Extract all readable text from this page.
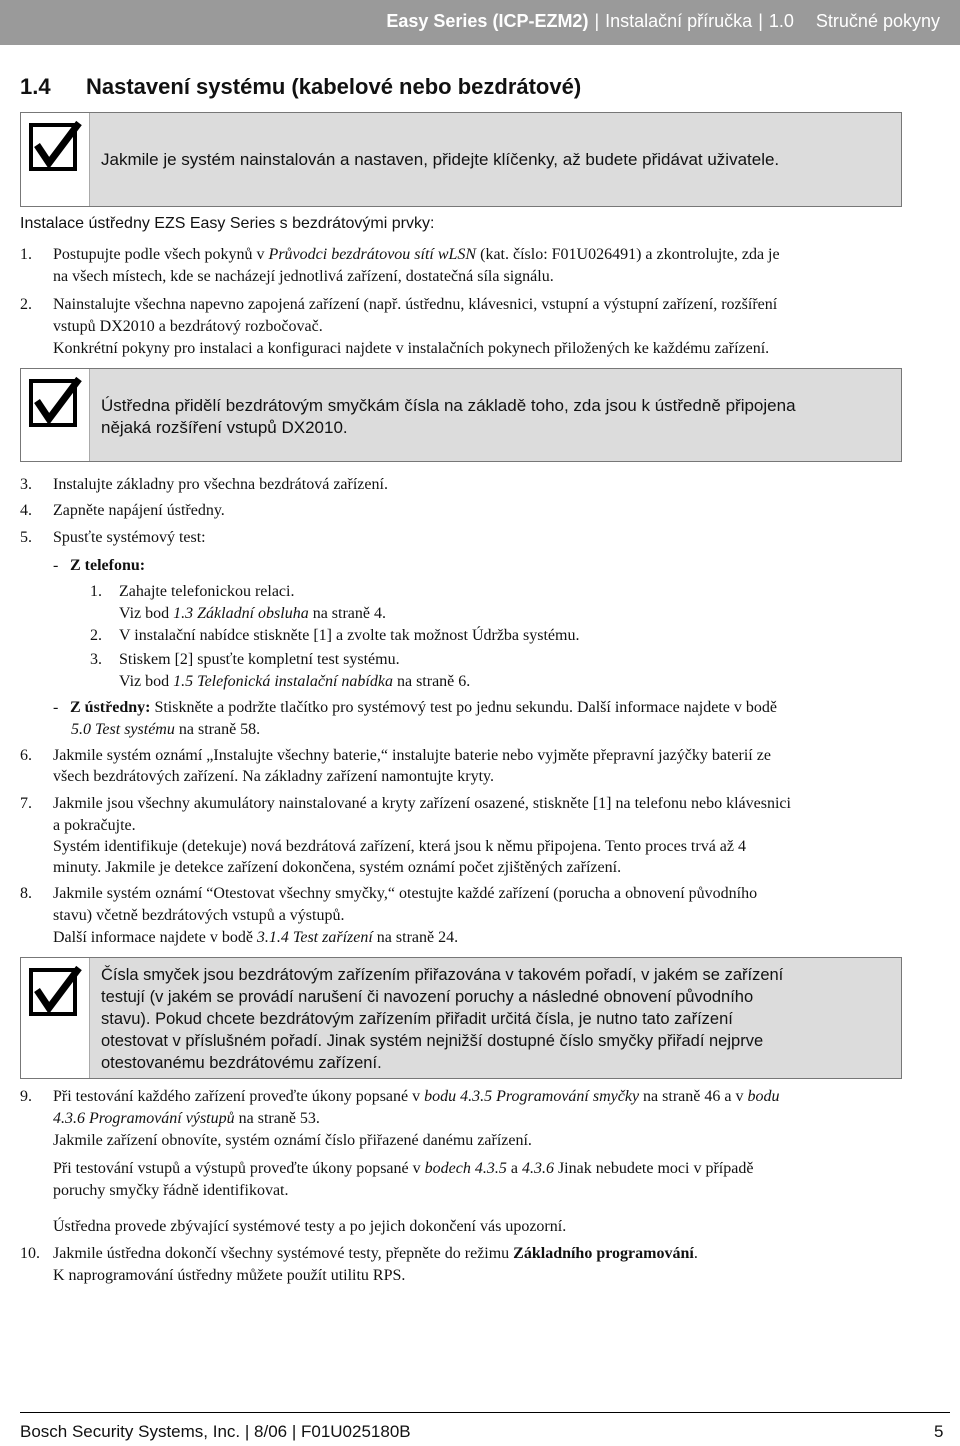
Easy Series (ICP-EZM2) | Instalační příručka | 1.0 Stručné pokyny
1.4 Nastavení systému (kabelové nebo bezdrátové)
Jakmile je systém nainstalován a nastaven, přidejte klíčenky, až budete přidávat uživatele.
Instalace ústředny EZS Easy Series s bezdrátovými prvky:
1. Postupujte podle všech pokynů v Průvodci bezdrátovou sítí wLSN (kat. číslo: F01U026491) a zkontrolujte, zda je
na všech místech, kde se nacházejí jednotlivá zařízení, dostatečná síla signálu.
2. Nainstalujte všechna napevno zapojená zařízení (např. ústřednu, klávesnici, vstupní a výstupní zařízení, rozšíření
vstupů DX2010 a bezdrátový rozbočovač.
Konkrétní pokyny pro instalaci a konfiguraci najdete v instalačních pokynech přiložených ke každému zařízení.
Ústředna přidělí bezdrátovým smyčkám čísla na základě toho, zda jsou k ústředně připojena
nějaká rozšíření vstupů DX2010.
3. Instalujte základny pro všechna bezdrátová zařízení.
4. Zapněte napájení ústředny.
5. Spusťte systémový test:
- Z telefonu:
1. Zahajte telefonickou relaci.
Viz bod 1.3 Základní obsluha na straně 4.
2. V instalační nabídce stiskněte [1] a zvolte tak možnost Údržba systému.
3. Stiskem [2] spusťte kompletní test systému.
Viz bod 1.5 Telefonická instalační nabídka na straně 6.
- Z ústředny: Stiskněte a podržte tlačítko pro systémový test po jednu sekundu. Další informace najdete v bodě
5.0 Test systému na straně 58.
6. Jakmile systém oznámí „Instalujte všechny baterie,“ instalujte baterie nebo vyjměte přepravní jazýčky baterií ze
všech bezdrátových zařízení. Na základny zařízení namontujte kryty.
7. Jakmile jsou všechny akumulátory nainstalované a kryty zařízení osazené, stiskněte [1] na telefonu nebo klávesnici
a pokračujte.
Systém identifikuje (detekuje) nová bezdrátová zařízení, která jsou k němu připojena. Tento proces trvá až 4
minuty. Jakmile je detekce zařízení dokončena, systém oznámí počet zjištěných zařízení.
8. Jakmile systém oznámí “Otestovat všechny smyčky,“ otestujte každé zařízení (porucha a obnovení původního
stavu) včetně bezdrátových vstupů a výstupů.
Další informace najdete v bodě 3.1.4 Test zařízení na straně 24.
Čísla smyček jsou bezdrátovým zařízením přiřazována v takovém pořadí, v jakém se zařízení
testují (v jakém se provádí narušení či navození poruchy a následné obnovení původního
stavu). Pokud chcete bezdrátovým zařízením přiřadit určitá čísla, je nutno tato zařízení
otestovat v příslušném pořadí. Jinak systém nejnižší dostupné číslo smyčky přiřadí nejprve
otestovanému bezdrátovému zařízení.
9. Při testování každého zařízení proveďte úkony popsané v bodu 4.3.5 Programování smyčky na straně 46 a v bodu
4.3.6 Programování výstupů na straně 53.
Jakmile zařízení obnovíte, systém oznámí číslo přiřazené danému zařízení.
Při testování vstupů a výstupů proveďte úkony popsané v bodech 4.3.5 a 4.3.6 Jinak nebudete moci v případě
poruchy smyčky řádně identifikovat.
Ústředna provede zbývající systémové testy a po jejich dokončení vás upozorní.
10. Jakmile ústředna dokončí všechny systémové testy, přepněte do režimu Základního programování.
K naprogramování ústředny můžete použít utilitu RPS.
Bosch Security Systems, Inc. | 8/06 | F01U025180B	5
